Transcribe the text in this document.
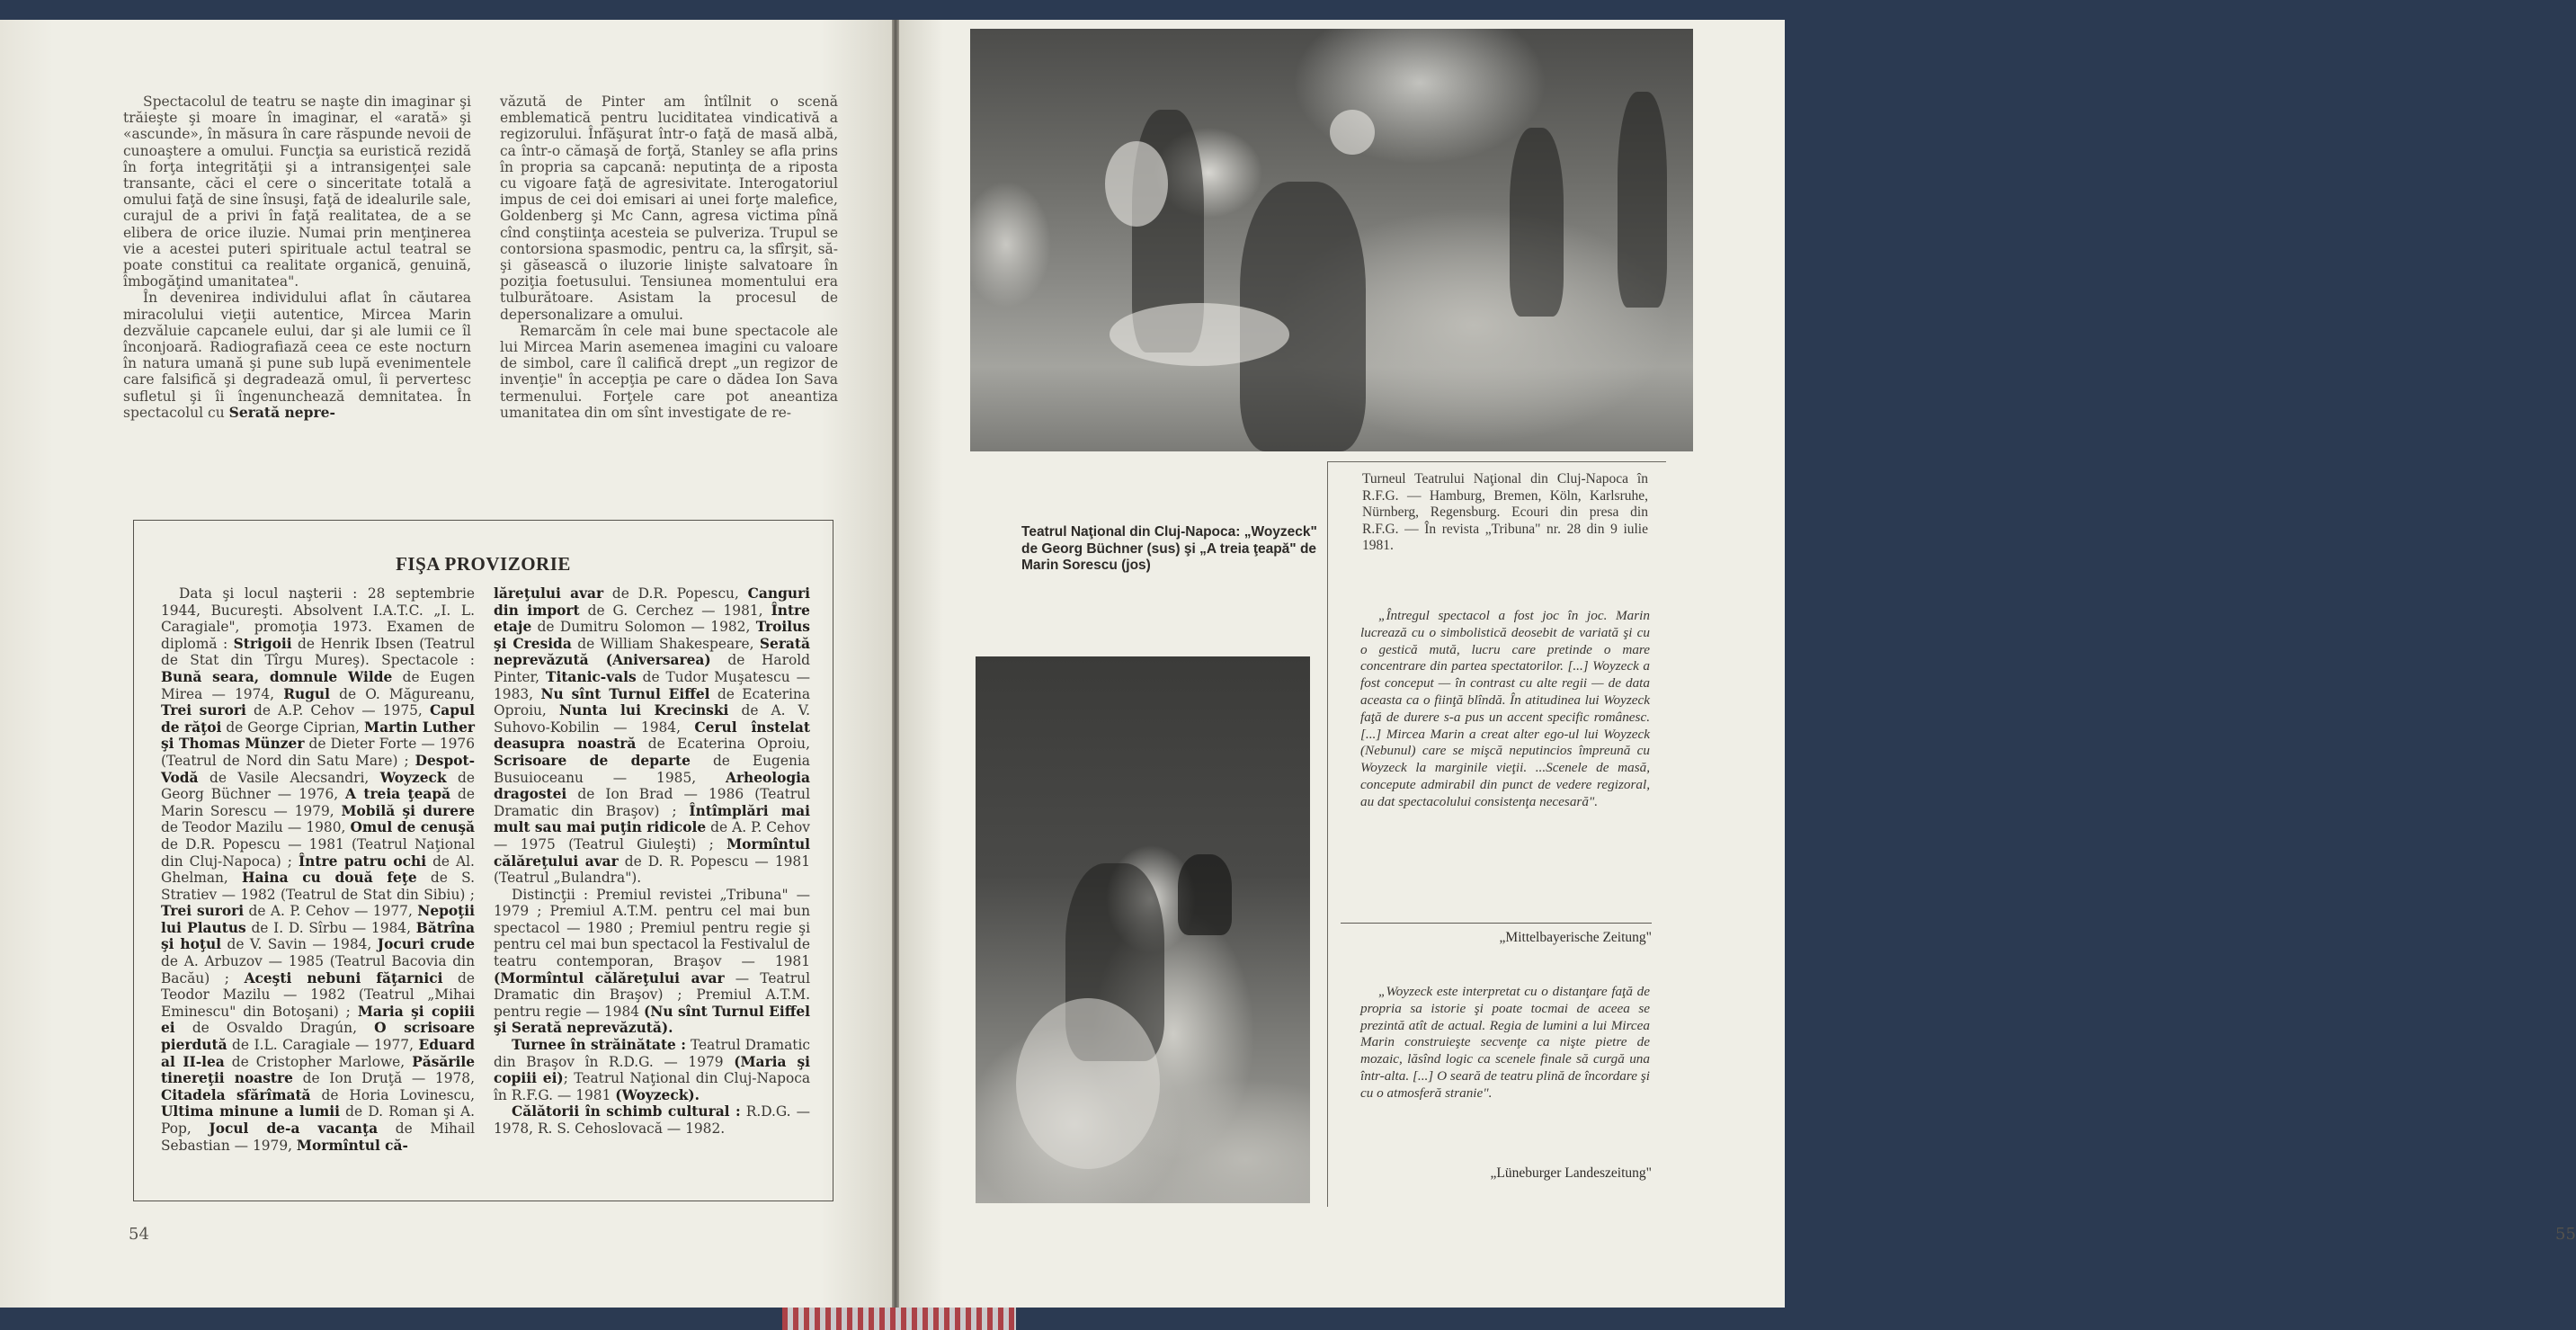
Spectacolul de teatru se naşte din imaginar şi trăieşte şi moare în imaginar, el «arată» şi «ascunde», în măsura în care răspunde nevoii de cunoaştere a omului. Funcţia sa euristică rezidă în forţa integrităţii şi a intransigenţei sale transante, căci el cere o sinceritate totală a omului faţă de sine însuşi, faţă de idealurile sale, curajul de a privi în faţă realitatea, de a se elibera de orice iluzie. Numai prin menţinerea vie a acestei puteri spirituale actul teatral se poate constitui ca realitate organică, genuină, îmbogăţind umanitatea".

În devenirea individului aflat în căutarea miracolului vieţii autentice, Mircea Marin dezvăluie capcanele eului, dar şi ale lumii ce îl înconjoară. Radiografiază ceea ce este nocturn în natura umană şi pune sub lupă evenimentele care falsifică şi degradează omul, îi pervertesc sufletul şi îi îngenunchează demnitatea. În spectacolul cu Serată nepre-

văzută de Pinter am întîlnit o scenă emblematică pentru luciditatea vindicativă a regizorului. Înfăşurat într-o faţă de masă albă, ca într-o cămaşă de forţă, Stanley se afla prins în propria sa capcană: neputinţa de a riposta cu vigoare faţă de agresivitate. Interogatoriul impus de cei doi emisari ai unei forţe malefice, Goldenberg şi Mc Cann, agresa victima pînă cînd conştiinţa acesteia se pulveriza. Trupul se contorsiona spasmodic, pentru ca, la sfîrşit, să-şi găsească o iluzorie linişte salvatoare în poziţia foetusului. Tensiunea momentului era tulburătoare. Asistam la procesul de depersonalizare a omului.

Remarcăm în cele mai bune spectacole ale lui Mircea Marin asemenea imagini cu valoare de simbol, care îl califică drept „un regizor de invenţie" în accepţia pe care o dădea Ion Sava termenului. Forţele care pot aneantiza umanitatea din om sînt investigate de re-

FIŞA PROVIZORIE

Data şi locul naşterii : 28 septembrie 1944, Bucureşti. Absolvent I.A.T.C. „I. L. Caragiale", promoţia 1973. Examen de diplomă : Strigoii de Henrik Ibsen (Teatrul de Stat din Tîrgu Mureş). Spectacole : Bună seara, domnule Wilde de Eugen Mirea — 1974, Rugul de O. Măgureanu, Trei surori de A.P. Cehov — 1975, Capul de răţoi de George Ciprian, Martin Luther şi Thomas Münzer de Dieter Forte — 1976 (Teatrul de Nord din Satu Mare) ; Despot-Vodă de Vasile Alecsandri, Woyzeck de Georg Büchner — 1976, A treia ţeapă de Marin Sorescu — 1979, Mobilă şi durere de Teodor Mazilu — 1980, Omul de cenuşă de D.R. Popescu — 1981 (Teatrul Naţional din Cluj-Napoca) ; Între patru ochi de Al. Ghelman, Haina cu două feţe de S. Stratiev — 1982 (Teatrul de Stat din Sibiu) ; Trei surori de A. P. Cehov — 1977, Nepoţii lui Plautus de I. D. Sîrbu — 1984, Bătrîna şi hoţul de V. Savin — 1984, Jocuri crude de A. Arbuzov — 1985 (Teatrul Bacovia din Bacău) ; Aceşti nebuni făţarnici de Teodor Mazilu — 1982 (Teatrul „Mihai Eminescu" din Botoşani) ; Maria şi copiii ei de Osvaldo Dragún, O scrisoare pierdută de I.L. Caragiale — 1977, Eduard al II-lea de Cristopher Marlowe, Păsările tinereţii noastre de Ion Druţă — 1978, Citadela sfărîmată de Horia Lovinescu, Ultima minune a lumii de D. Roman şi A. Pop, Jocul de-a vacanţa de Mihail Sebastian — 1979, Mormîntul că-

lăreţului avar de D.R. Popescu, Canguri din import de G. Cerchez — 1981, Între etaje de Dumitru Solomon — 1982, Troilus şi Cresida de William Shakespeare, Serată neprevăzută (Aniversarea) de Harold Pinter, Titanic-vals de Tudor Muşatescu — 1983, Nu sînt Turnul Eiffel de Ecaterina Oproiu, Nunta lui Krecinski de A. V. Suhovo-Kobilin — 1984, Cerul înstelat deasupra noastră de Ecaterina Oproiu, Scrisoare de departe de Eugenia Busuioceanu — 1985, Arheologia dragostei de Ion Brad — 1986 (Teatrul Dramatic din Braşov) ; Întîmplări mai mult sau mai puţin ridicole de A. P. Cehov — 1975 (Teatrul Giuleşti) ; Mormîntul călăreţului avar de D. R. Popescu — 1981 (Teatrul „Bulandra").

Distincţii : Premiul revistei „Tribuna" — 1979 ; Premiul A.T.M. pentru cel mai bun spectacol — 1980 ; Premiul pentru regie şi pentru cel mai bun spectacol la Festivalul de teatru contemporan, Braşov — 1981 (Mormîntul călăreţului avar — Teatrul Dramatic din Braşov) ; Premiul A.T.M. pentru regie — 1984 (Nu sînt Turnul Eiffel şi Serată neprevăzută).

Turnee în străinătate : Teatrul Dramatic din Braşov în R.D.G. — 1979 (Maria şi copiii ei); Teatrul Naţional din Cluj-Napoca în R.F.G. — 1981 (Woyzeck).

Călătorii în schimb cultural : R.D.G. — 1978, R. S. Cehoslovacă — 1982.

54
Teatrul Naţional din Cluj-Napoca: „Woyzeck" de Georg Büchner (sus) şi „A treia ţeapă" de Marin Sorescu (jos)
Turneul Teatrului Naţional din Cluj-Napoca în R.F.G. — Hamburg, Bremen, Köln, Karlsruhe, Nürnberg, Regensburg. Ecouri din presa din R.F.G. — În revista „Tribuna" nr. 28 din 9 iulie 1981.

„Întregul spectacol a fost joc în joc. Marin lucrează cu o simbolistică deosebit de variată şi cu o gestică mută, lucru care pretinde o mare concentrare din partea spectatorilor. [...] Woyzeck a fost conceput — în contrast cu alte regii — de data aceasta ca o fiinţă blîndă. În atitudinea lui Woyzeck faţă de durere s-a pus un accent specific românesc. [...] Mircea Marin a creat alter ego-ul lui Woyzeck (Nebunul) care se mişcă neputincios împreună cu Woyzeck la marginile vieţii. ...Scenele de masă, concepute admirabil din punct de vedere regizoral, au dat spectacolului consistenţa necesară".

„Mittelbayerische Zeitung"

„Woyzeck este interpretat cu o distanţare faţă de propria sa istorie şi poate tocmai de aceea se prezintă atît de actual. Regia de lumini a lui Mircea Marin construieşte secvenţe ca nişte pietre de mozaic, lăsînd logic ca scenele finale să curgă una într-alta. [...] O seară de teatru plină de încordare şi cu o atmosferă stranie".

„Lüneburger Landeszeitung"
55
